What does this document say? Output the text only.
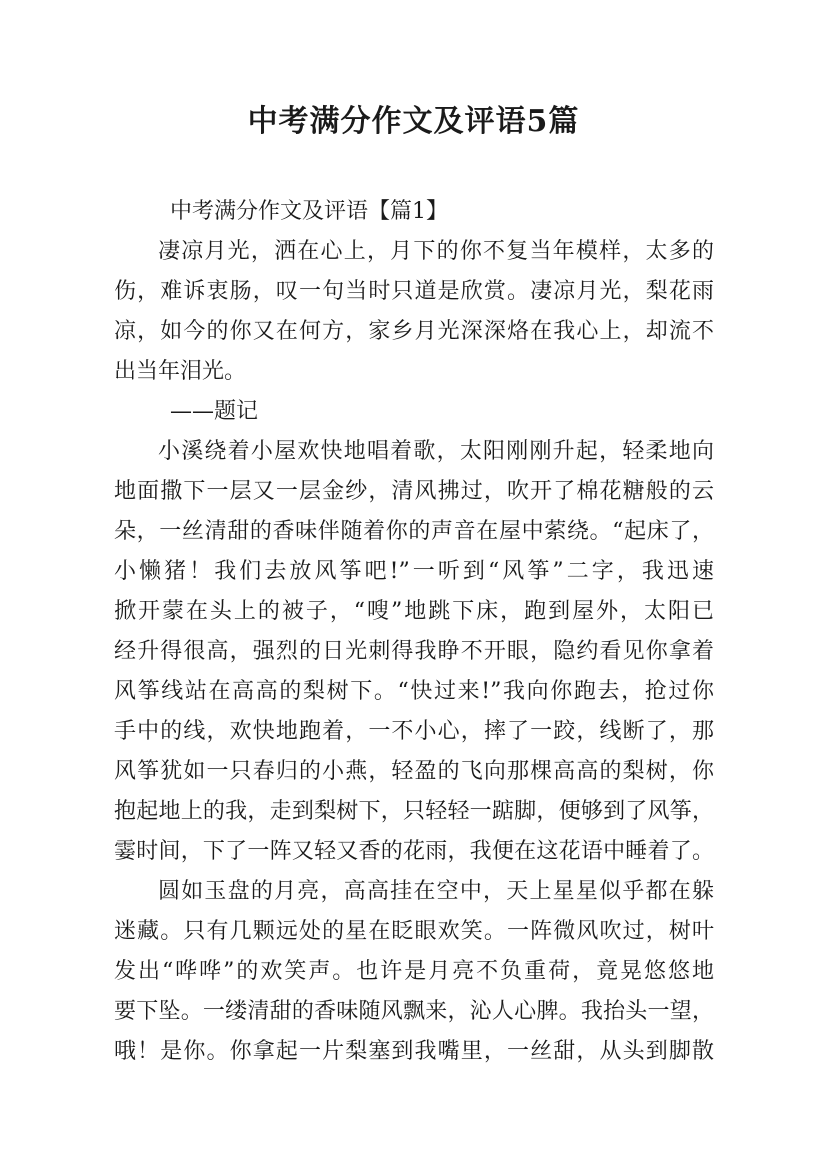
中考满分作文及评语5篇
中考满分作文及评语【篇1】
凄凉月光，洒在心上，月下的你不复当年模样，太多的
伤，难诉衷肠，叹一句当时只道是欣赏。凄凉月光，梨花雨
凉，如今的你又在何方，家乡月光深深烙在我心上，却流不
出当年泪光。
——题记
小溪绕着小屋欢快地唱着歌，太阳刚刚升起，轻柔地向
地面撒下一层又一层金纱，清风拂过，吹开了棉花糖般的云
朵，一丝清甜的香味伴随着你的声音在屋中萦绕。“起床了，
小懒猪！我们去放风筝吧!”一听到“风筝”二字，我迅速
掀开蒙在头上的被子，“嗖”地跳下床，跑到屋外，太阳已
经升得很高，强烈的日光刺得我睁不开眼，隐约看见你拿着
风筝线站在高高的梨树下。“快过来!”我向你跑去，抢过你
手中的线，欢快地跑着，一不小心，摔了一跤，线断了，那
风筝犹如一只春归的小燕，轻盈的飞向那棵高高的梨树，你
抱起地上的我，走到梨树下，只轻轻一踮脚，便够到了风筝，
霎时间，下了一阵又轻又香的花雨，我便在这花语中睡着了。
圆如玉盘的月亮，高高挂在空中，天上星星似乎都在躲
迷藏。只有几颗远处的星在眨眼欢笑。一阵微风吹过，树叶
发出“哗哗”的欢笑声。也许是月亮不负重荷，竟晃悠悠地
要下坠。一缕清甜的香味随风飘来，沁人心脾。我抬头一望，
哦！是你。你拿起一片梨塞到我嘴里，一丝甜，从头到脚散
